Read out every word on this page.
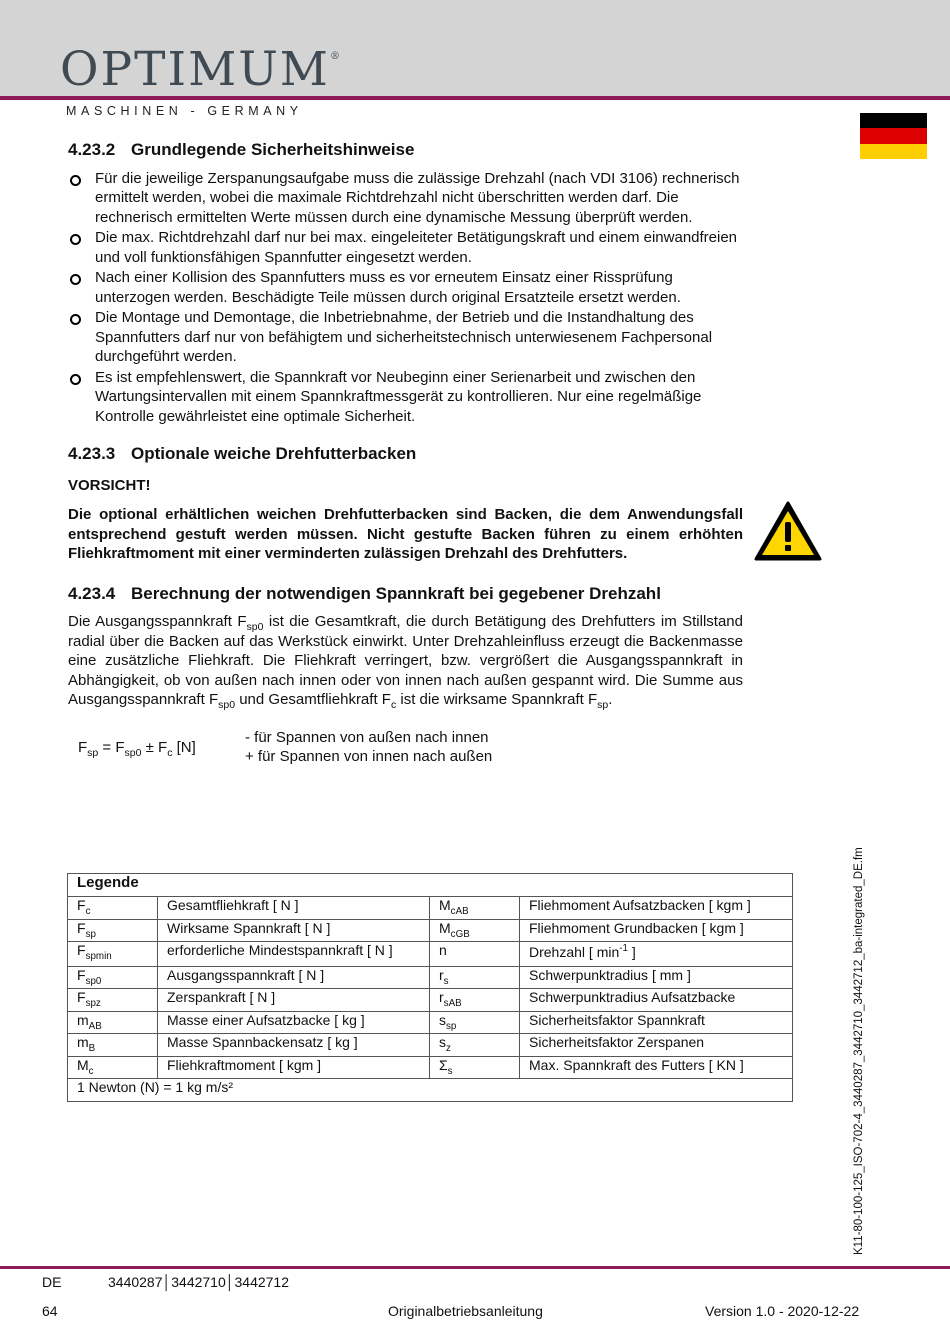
OPTIMUM®
MASCHINEN - GERMANY
4.23.2 Grundlegende Sicherheitshinweise
Für die jeweilige Zerspanungsaufgabe muss die zulässige Drehzahl (nach VDI 3106) rechnerisch ermittelt werden, wobei die maximale Richtdrehzahl nicht überschritten werden darf. Die rechnerisch ermittelten Werte müssen durch eine dynamische Messung überprüft werden.
Die max. Richtdrehzahl darf nur bei max. eingeleiteter Betätigungskraft und einem einwandfreien und voll funktionsfähigen Spannfutter eingesetzt werden.
Nach einer Kollision des Spannfutters muss es vor erneutem Einsatz einer Rissprüfung unterzogen werden. Beschädigte Teile müssen durch original Ersatzteile ersetzt werden.
Die Montage und Demontage, die Inbetriebnahme, der Betrieb und die Instandhaltung des Spannfutters darf nur von befähigtem und sicherheitstechnisch unterwiesenem Fachpersonal durchgeführt werden.
Es ist empfehlenswert, die Spannkraft vor Neubeginn einer Serienarbeit und zwischen den Wartungsintervallen mit einem Spannkraftmessgerät zu kontrollieren. Nur eine regelmäßige Kontrolle gewährleistet eine optimale Sicherheit.
4.23.3 Optionale weiche Drehfutterbacken
VORSICHT!
Die optional erhältlichen weichen Drehfutterbacken sind Backen, die dem Anwendungsfall entsprechend gestuft werden müssen. Nicht gestufte Backen führen zu einem erhöhten Fliehkraftmoment mit einer verminderten zulässigen Drehzahl des Drehfutters.
4.23.4 Berechnung der notwendigen Spannkraft bei gegebener Drehzahl

Die Ausgangsspannkraft $F_{sp0}$ ist die Gesamtkraft, die durch Betätigung des Drehfutters im Stillstand radial über die Backen auf das Werkstück einwirkt. Unter Drehzahleinfluss erzeugt die Backenmasse eine zusätzliche Fliehkraft. Die Fliehkraft verringert, bzw. vergrößert die Ausgangsspannkraft in Abhängigkeit, ob von außen nach innen oder von innen nach außen gespannt wird. Die Summe aus Ausgangsspannkraft $F_{sp0}$ und Gesamtfliehkraft $F_c$ ist die wirksame Spannkraft $F_{sp}$.

$F_{sp} = F_{sp0} \pm F_c$ [N]
- für Spannen von außen nach innen
+ für Spannen von innen nach außen
Legende			
$F_c$	Gesamtfliehkraft [ N ]	$M_{cAB}$	Fliehmoment Aufsatzbacken [ kgm ]
$F_{sp}$	Wirksame Spannkraft [ N ]	$M_{cGB}$	Fliehmoment Grundbacken [ kgm ]
$F_{spmin}$	erforderliche Mindestspannkraft [ N ]	n	Drehzahl [ $\min^{-1}$ ]
$F_{sp0}$	Ausgangsspannkraft [ N ]	$r_s$	Schwerpunktradius [ mm ]
$F_{spz}$	Zerspankraft [ N ]	$r_{sAB}$	Schwerpunktradius Aufsatzbacke
$m_{AB}$	Masse einer Aufsatzbacke [ kg ]	$s_{sp}$	Sicherheitsfaktor Spannkraft
$m_B$	Masse Spannbackensatz [ kg ]	$s_z$	Sicherheitsfaktor Zerspanen
$M_c$	Fliehkraftmoment [ kgm ]	$\Sigma_s$	Max. Spannkraft des Futters [ KN ]
1 Newton (N) = 1 kg m/s²				K11-80-100-125_ISO-702-4_3440287_3442710_3442712_ba-integrated_DE.fm
DE	3440287│3442710│3442712
64	Originalbetriebsanleitung	Version 1.0 - 2020-12-22
